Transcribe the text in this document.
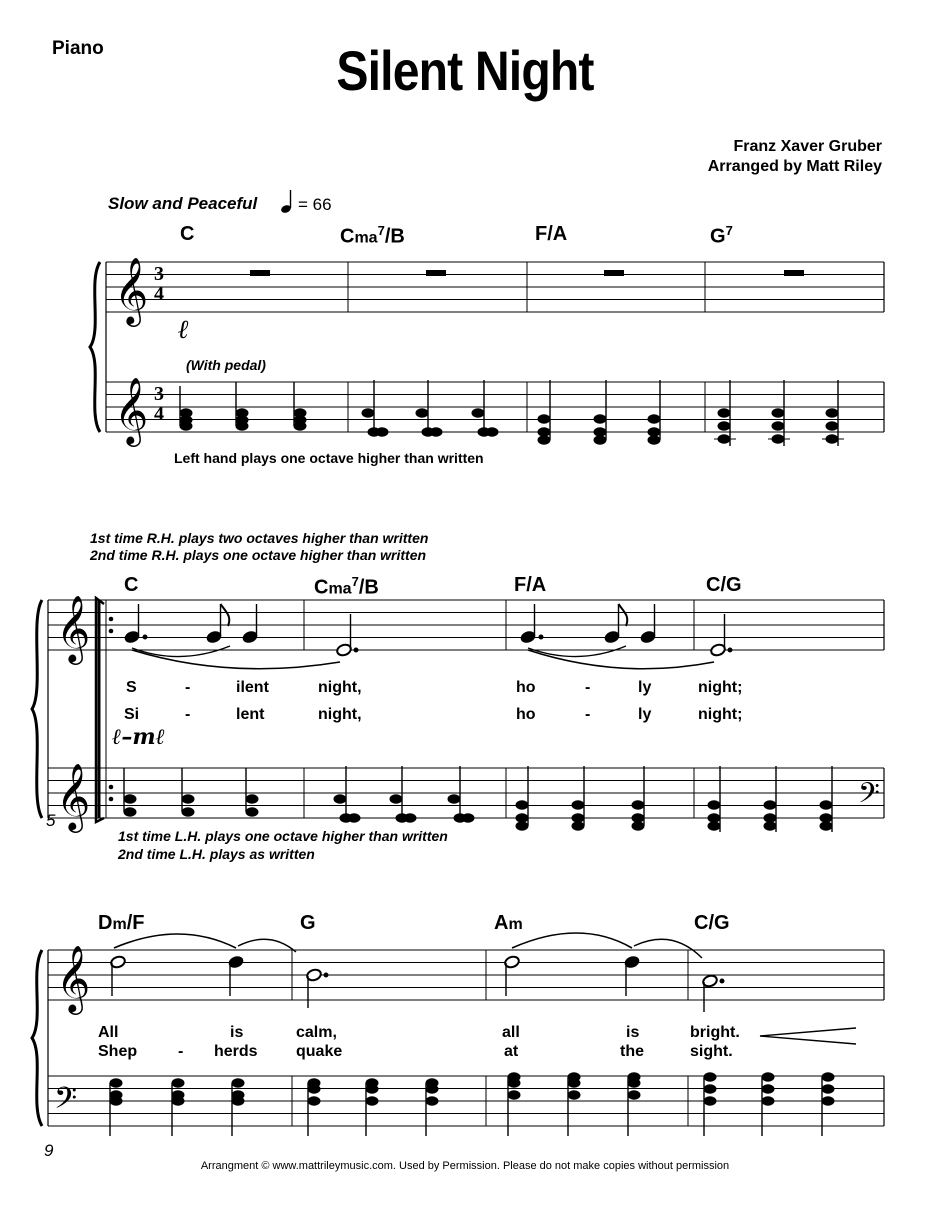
Piano	Silent Night
Franz Xaver Gruber
Arranged by Matt Riley
Slow and Peaceful
ℓ
𝄞
𝄞
3
4
3
4
𝄞
𝄞	𝄢
ℓ–mℓ
𝄞
𝄢
= 66
C	Cma$^7$/B	F/A	$G^7$
(With pedal)
Left hand plays one octave higher than written
1st time R.H. plays two octaves higher than written
2nd time R.H. plays one octave higher than written
C	Cma$^7$/B	F/A	C/G
S	-	ilent	night,	ho	-	ly	night;
Si	-	lent	night,	ho	-	ly	night;
5
1st time L.H. plays one octave higher than written
2nd time L.H. plays as written
Dm/F	G	Am	C/G
All	is	calm,	all	is	bright.
Shep	- herds quake	at	the	sight.
9
Arrangment © www.mattrileymusic.com. Used by Permission. Please do not make copies without permission
